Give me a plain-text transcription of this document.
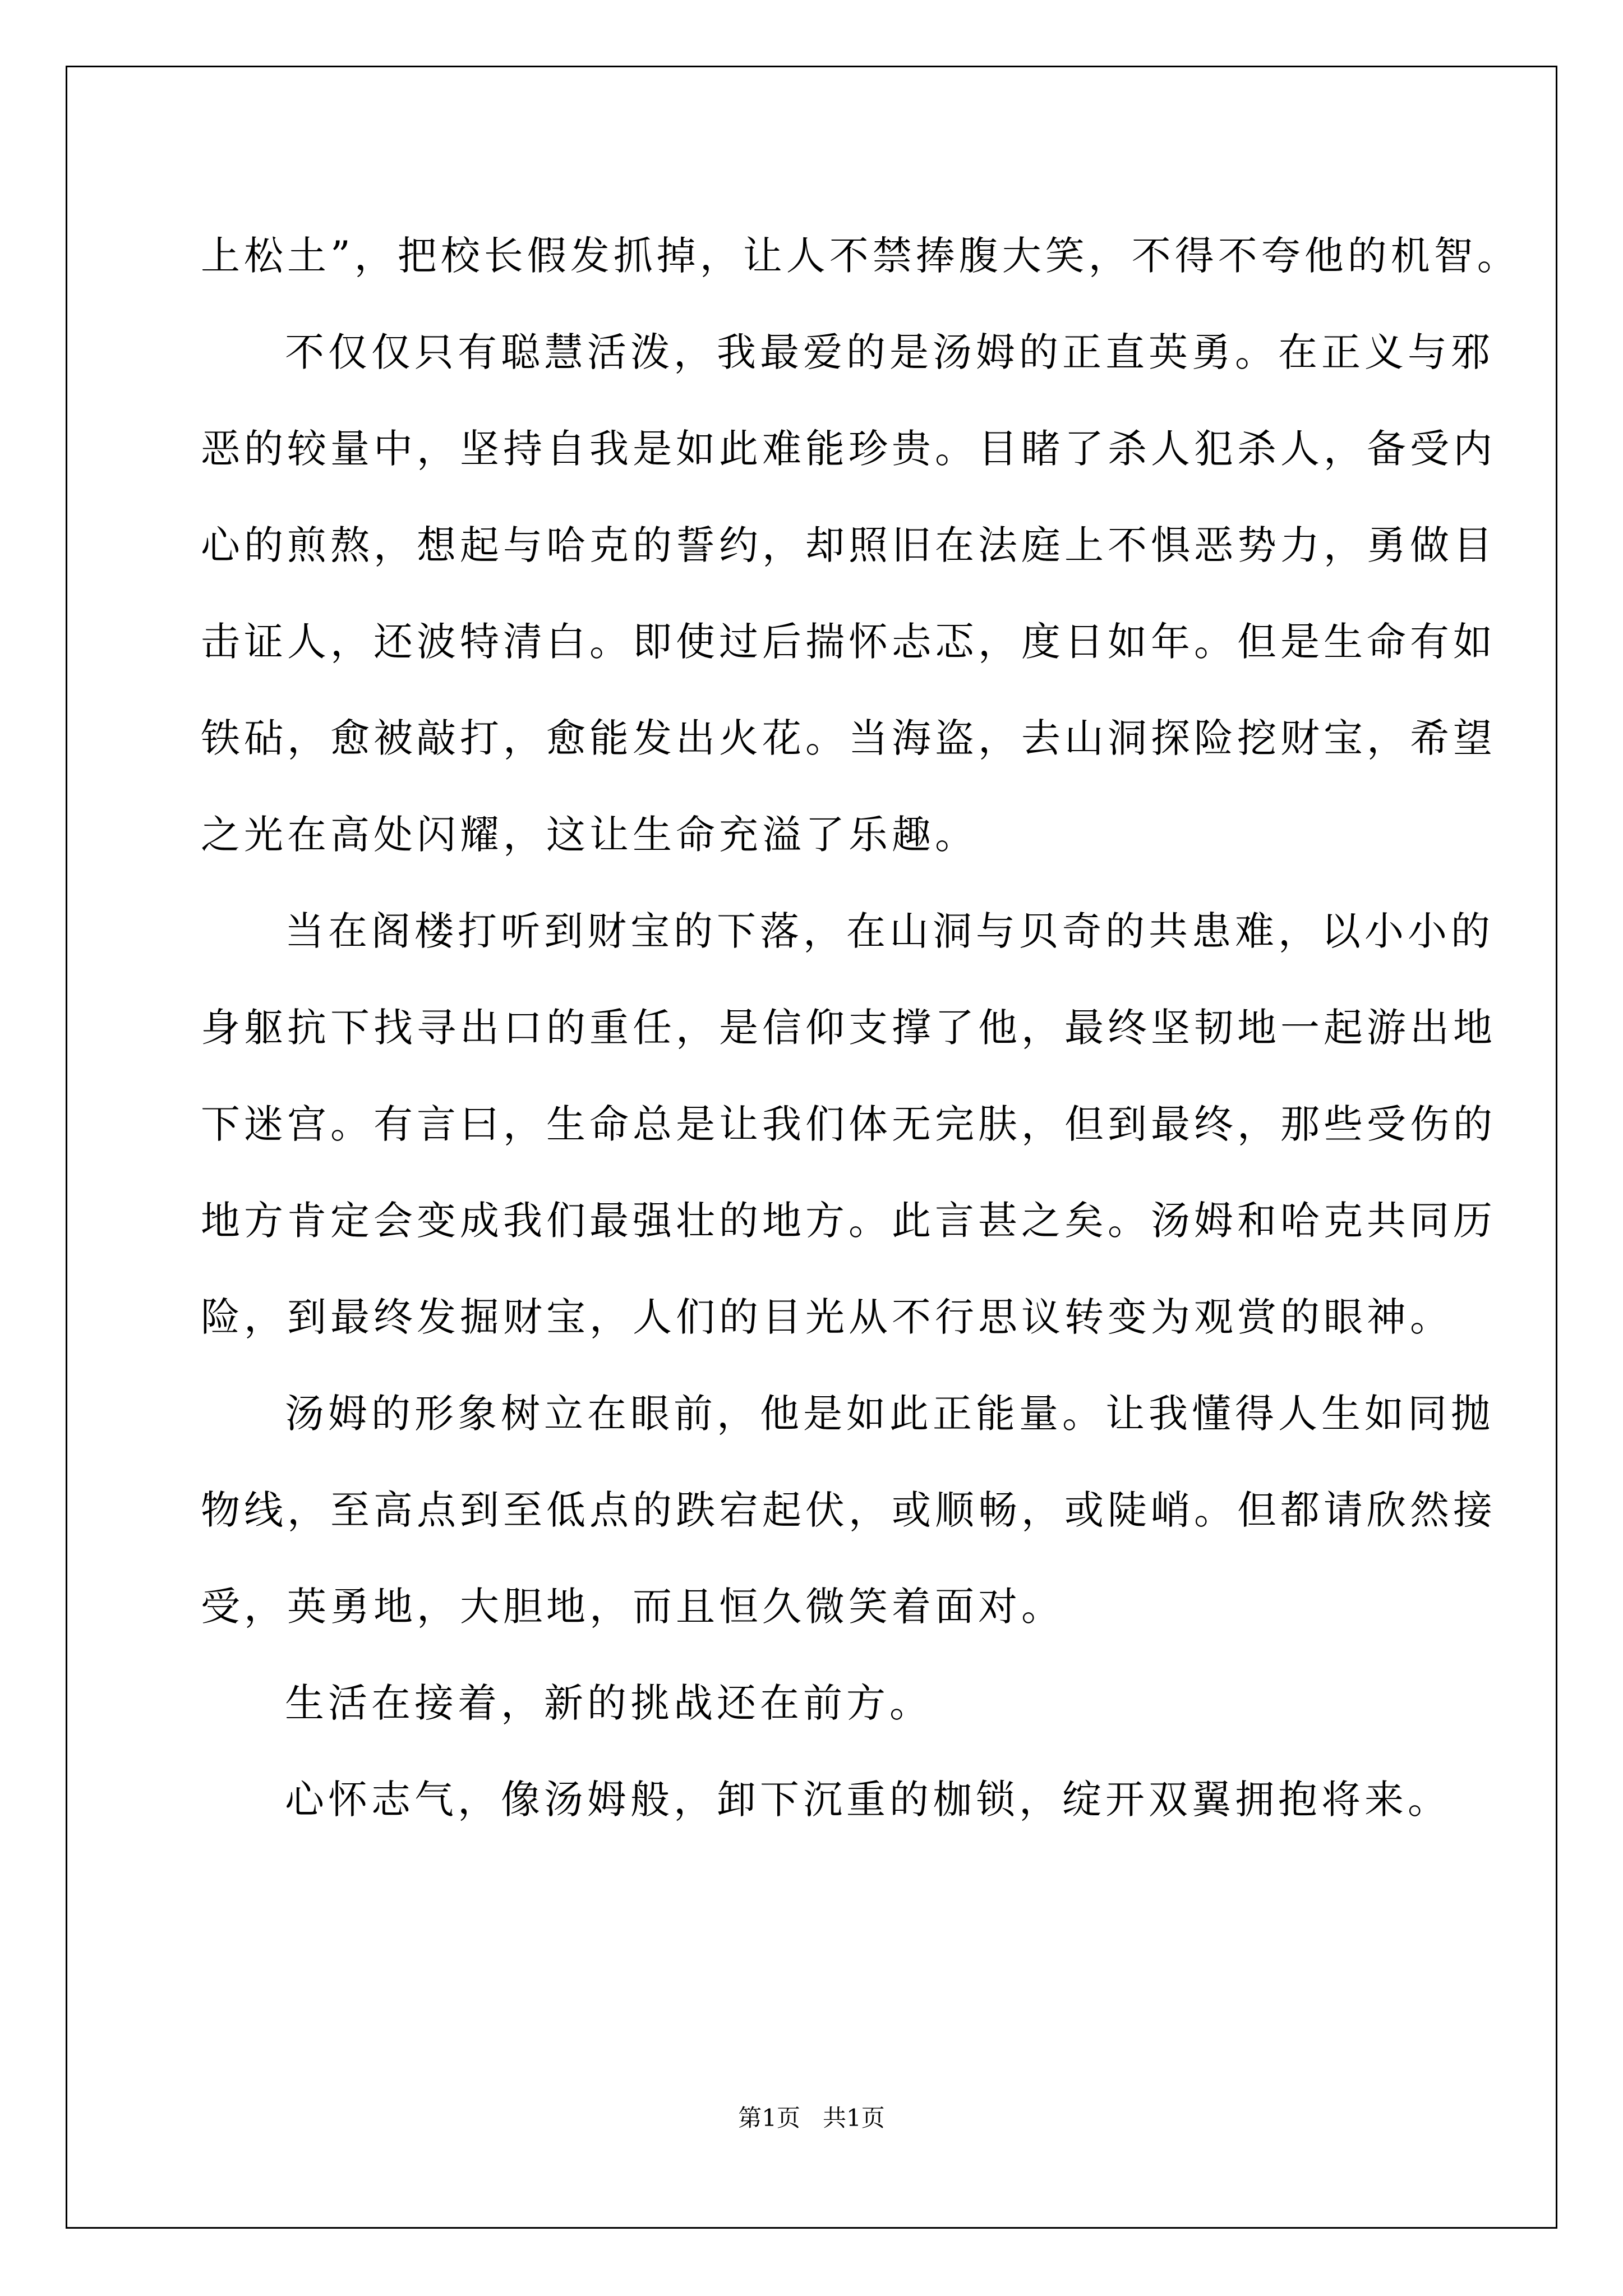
上松土”，把校长假发抓掉，让人不禁捧腹大笑，不得不夸他的机智。
不仅仅只有聪慧活泼，我最爱的是汤姆的正直英勇。在正义与邪
恶的较量中，坚持自我是如此难能珍贵。目睹了杀人犯杀人，备受内
心的煎熬，想起与哈克的誓约，却照旧在法庭上不惧恶势力，勇做目
击证人，还波特清白。即使过后揣怀忐忑，度日如年。但是生命有如
铁砧，愈被敲打，愈能发出火花。当海盗，去山洞探险挖财宝，希望
之光在高处闪耀，这让生命充溢了乐趣。
当在阁楼打听到财宝的下落，在山洞与贝奇的共患难，以小小的
身躯抗下找寻出口的重任，是信仰支撑了他，最终坚韧地一起游出地
下迷宫。有言曰，生命总是让我们体无完肤，但到最终，那些受伤的
地方肯定会变成我们最强壮的地方。此言甚之矣。汤姆和哈克共同历
险，到最终发掘财宝，人们的目光从不行思议转变为观赏的眼神。
汤姆的形象树立在眼前，他是如此正能量。让我懂得人生如同抛
物线，至高点到至低点的跌宕起伏，或顺畅，或陡峭。但都请欣然接
受，英勇地，大胆地，而且恒久微笑着面对。
生活在接着，新的挑战还在前方。
心怀志气，像汤姆般，卸下沉重的枷锁，绽开双翼拥抱将来。
第1页 共1页
